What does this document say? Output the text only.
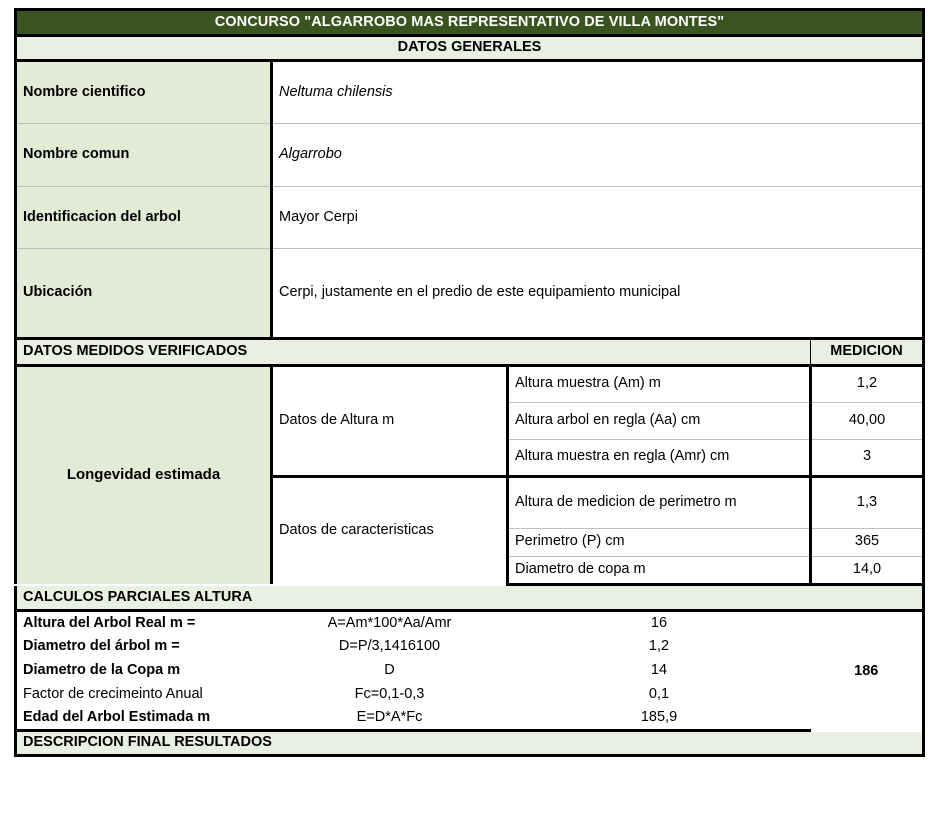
CONCURSO "ALGARROBO MAS REPRESENTATIVO DE VILLA MONTES"	
DATOS GENERALES	
Nombre cientifico	Neltuma chilensis
Nombre comun	Algarrobo
Identificacion del arbol	Mayor Cerpi
Ubicación	Cerpi, justamente en el predio de este equipamiento municipal
DATOS MEDIDOS VERIFICADOS			MEDICION
Longevidad estimada	Datos de Altura m	Altura muestra (Am) m	1,2
		Altura arbol en regla (Aa) cm	40,00
		Altura muestra en regla (Amr) cm	3
	Datos de caracteristicas	Altura de medicion de perimetro m	1,3
		Perimetro (P) cm	365
		Diametro de copa m	14,0
CALCULOS PARCIALES ALTURA			
Altura del Arbol Real m =	A=Am*100*Aa/Amr	16	186
Diametro del árbol m =	D=P/3,1416100	1,2	
Diametro de la Copa m	D	14	
Factor de crecimeinto Anual	Fc=0,1-0,3	0,1	
Edad del Arbol Estimada m	E=D*A*Fc	185,9	
DESCRIPCION FINAL RESULTADOS			
